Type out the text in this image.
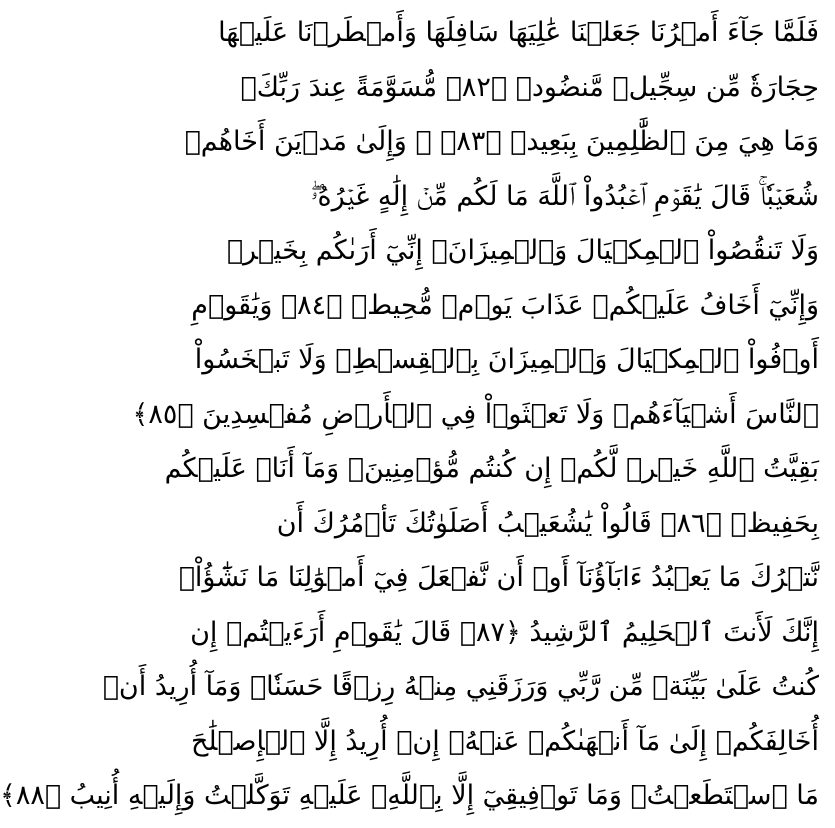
فَلَمَّا جَآءَ أَمۡرُنَا جَعَلۡنَا عَٰلِيَهَا سَافِلَهَا وَأَمۡطَرۡنَا عَلَيۡهَا
حِجَارَةٗ مِّن سِجِّيلٖ مَّنضُودٖ ﴿٨٢﴾ مُّسَوَّمَةً عِندَ رَبِّكَۖ
وَمَا هِيَ مِنَ ٱلظَّٰلِمِينَ بِبَعِيدٖ ﴿٨٣﴾ ۞ وَإِلَىٰ مَدۡيَنَ أَخَاهُمۡ
شُعَيۡبٗاۚ قَالَ يَٰقَوۡمِ ٱعۡبُدُواْ ٱللَّهَ مَا لَكُم مِّنۡ إِلَٰهٍ غَيۡرُهُۥۖ
وَلَا تَنقُصُواْ ٱلۡمِكۡيَالَ وَٱلۡمِيزَانَۖ إِنِّيٓ أَرَىٰكُم بِخَيۡرٖ
وَإِنِّيٓ أَخَافُ عَلَيۡكُمۡ عَذَابَ يَوۡمٖ مُّحِيطٖ ﴿٨٤﴾ وَيَٰقَوۡمِ
أَوۡفُواْ ٱلۡمِكۡيَالَ وَٱلۡمِيزَانَ بِٱلۡقِسۡطِۖ وَلَا تَبۡخَسُواْ
ٱلنَّاسَ أَشۡيَآءَهُمۡ وَلَا تَعۡثَوۡاْ فِي ٱلۡأَرۡضِ مُفۡسِدِينَ ﴿٨٥﴾
بَقِيَّتُ ٱللَّهِ خَيۡرٞ لَّكُمۡ إِن كُنتُم مُّؤۡمِنِينَۚ وَمَآ أَنَا۠ عَلَيۡكُم
بِحَفِيظٖ ﴿٨٦﴾ قَالُواْ يَٰشُعَيۡبُ أَصَلَوٰتُكَ تَأۡمُرُكَ أَن
نَّتۡرُكَ مَا يَعۡبُدُ ءَابَآؤُنَآ أَوۡ أَن نَّفۡعَلَ فِيٓ أَمۡوَٰلِنَا مَا نَشَٰٓؤُاْۖ
إِنَّكَ لَأَنتَ ٱلۡحَلِيمُ ٱلرَّشِيدُ ﴿٨٧﴾ قَالَ يَٰقَوۡمِ أَرَءَيۡتُمۡ إِن
كُنتُ عَلَىٰ بَيِّنَةٖ مِّن رَّبِّي وَرَزَقَنِي مِنۡهُ رِزۡقًا حَسَنٗاۚ وَمَآ أُرِيدُ أَنۡ
أُخَالِفَكُمۡ إِلَىٰ مَآ أَنۡهَىٰكُمۡ عَنۡهُۚ إِنۡ أُرِيدُ إِلَّا ٱلۡإِصۡلَٰحَ
مَا ٱسۡتَطَعۡتُۚ وَمَا تَوۡفِيقِيٓ إِلَّا بِٱللَّهِۚ عَلَيۡهِ تَوَكَّلۡتُ وَإِلَيۡهِ أُنِيبُ ﴿٨٨﴾
